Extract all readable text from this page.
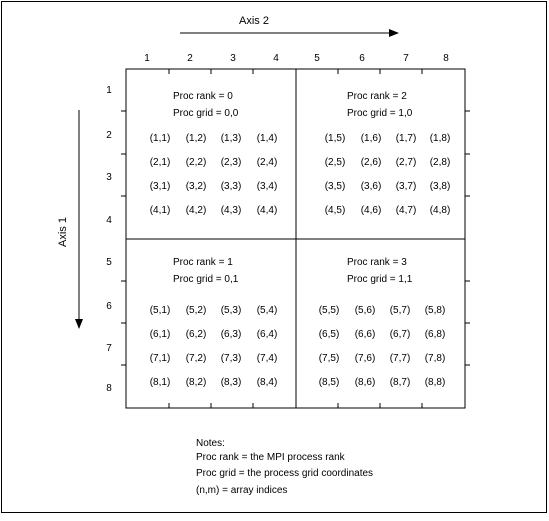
Axis 2
Axis 1
1	2	3	4	5	6	7	8
1
2
3
4
5
6
7
8
Proc rank = 0
Proc grid = 0,0
(1,1) (1,2) (1,3) (1,4)
(2,1) (2,2) (2,3) (2,4)
(3,1) (3,2) (3,3) (3,4)
(4,1) (4,2) (4,3) (4,4)
Proc rank = 2
Proc grid = 1,0
(1,5) (1,6) (1,7) (1,8)
(2,5) (2,6) (2,7) (2,8)
(3,5) (3,6) (3,7) (3,8)
(4,5) (4,6) (4,7) (4,8)
Proc rank = 1
Proc grid = 0,1
(5,1) (5,2) (5,3) (5,4)
(6,1) (6,2) (6,3) (6,4)
(7,1) (7,2) (7,3) (7,4)
(8,1) (8,2) (8,3) (8,4)
Proc rank = 3
Proc grid = 1,1
(5,5) (5,6) (5,7) (5,8)
(6,5) (6,6) (6,7) (6,8)
(7,5) (7,6) (7,7) (7,8)
(8,5) (8,6) (8,7) (8,8)
Notes:
Proc rank = the MPI process rank
Proc grid = the process grid coordinates
(n,m) = array indices
